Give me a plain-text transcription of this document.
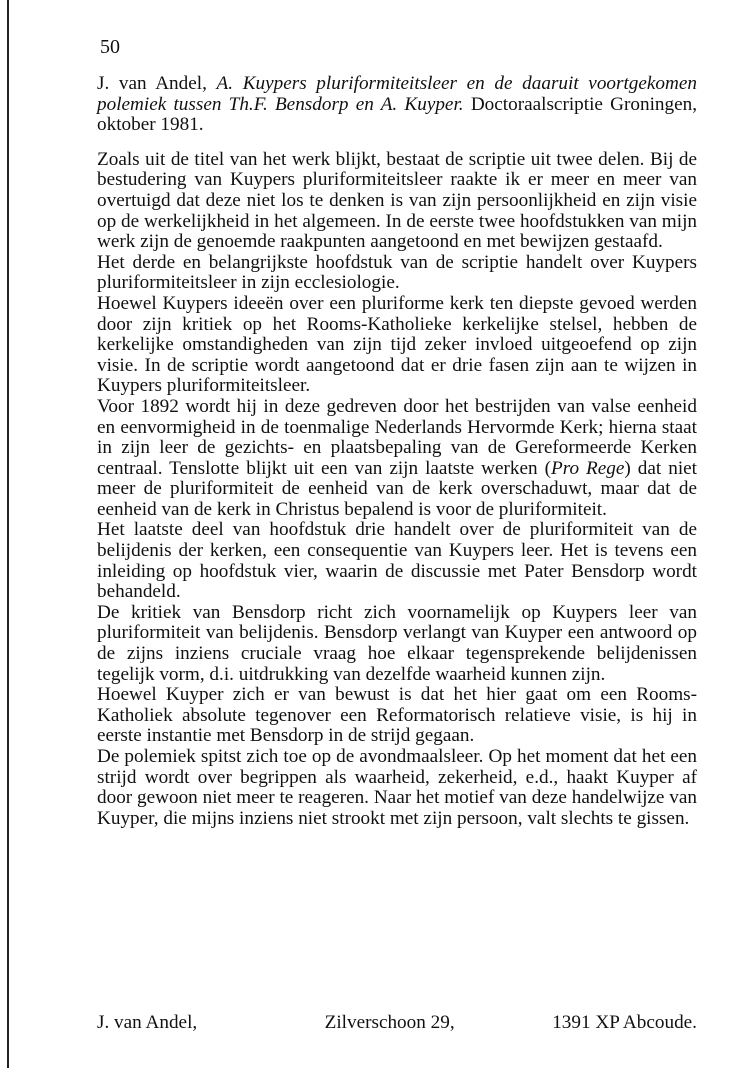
50

J. van Andel, A. Kuypers pluriformiteitsleer en de daaruit voortgekomen polemiek tussen Th.F. Bensdorp en A. Kuyper. Doctoraalscriptie Groningen, oktober 1981.

Zoals uit de titel van het werk blijkt, bestaat de scriptie uit twee delen. Bij de bestudering van Kuypers pluriformiteitsleer raakte ik er meer en meer van overtuigd dat deze niet los te denken is van zijn persoonlijkheid en zijn visie op de werkelijkheid in het algemeen. In de eerste twee hoofdstukken van mijn werk zijn de genoemde raakpunten aangetoond en met bewijzen gestaafd.

Het derde en belangrijkste hoofdstuk van de scriptie handelt over Kuypers pluriformiteitsleer in zijn ecclesiologie.

Hoewel Kuypers ideeën over een pluriforme kerk ten diepste gevoed werden door zijn kritiek op het Rooms-Katholieke kerkelijke stelsel, hebben de kerkelijke omstandigheden van zijn tijd zeker invloed uitgeoefend op zijn visie. In de scriptie wordt aangetoond dat er drie fasen zijn aan te wijzen in Kuypers pluriformiteitsleer.

Voor 1892 wordt hij in deze gedreven door het bestrijden van valse eenheid en eenvormigheid in de toenmalige Nederlands Hervormde Kerk; hierna staat in zijn leer de gezichts- en plaatsbepaling van de Gereformeerde Kerken centraal. Tenslotte blijkt uit een van zijn laatste werken (Pro Rege) dat niet meer de pluriformiteit de eenheid van de kerk overschaduwt, maar dat de eenheid van de kerk in Christus bepalend is voor de pluriformiteit.

Het laatste deel van hoofdstuk drie handelt over de pluriformiteit van de belijdenis der kerken, een consequentie van Kuypers leer. Het is tevens een inleiding op hoofdstuk vier, waarin de discussie met Pater Bensdorp wordt behandeld.

De kritiek van Bensdorp richt zich voornamelijk op Kuypers leer van pluriformiteit van belijdenis. Bensdorp verlangt van Kuyper een antwoord op de zijns inziens cruciale vraag hoe elkaar tegensprekende belijdenissen tegelijk vorm, d.i. uitdrukking van dezelfde waarheid kunnen zijn.

Hoewel Kuyper zich er van bewust is dat het hier gaat om een Rooms-Katholiek absolute tegenover een Reformatorisch relatieve visie, is hij in eerste instantie met Bensdorp in de strijd gegaan.

De polemiek spitst zich toe op de avondmaalsleer. Op het moment dat het een strijd wordt over begrippen als waarheid, zekerheid, e.d., haakt Kuyper af door gewoon niet meer te reageren. Naar het motief van deze handelwijze van Kuyper, die mijns inziens niet strookt met zijn persoon, valt slechts te gissen.

J. van Andel,	Zilverschoon 29,	1391 XP Abcoude.
